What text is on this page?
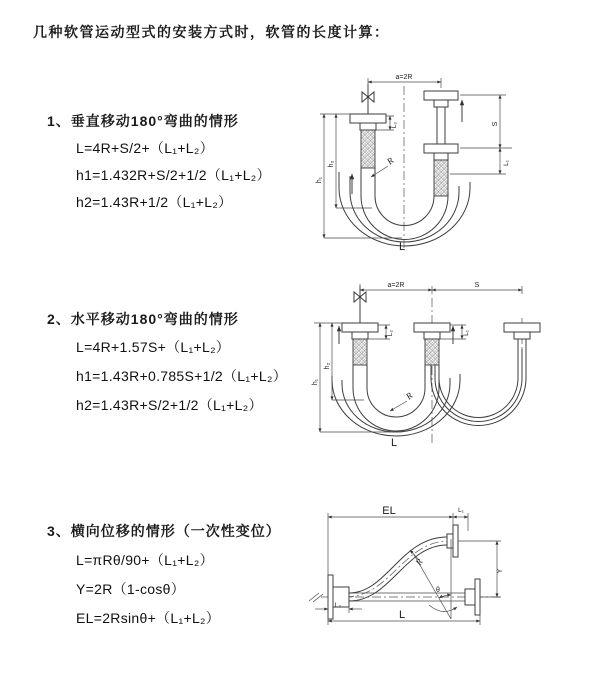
几种软管运动型式的安装方式时，软管的长度计算：
1、垂直移动180°弯曲的情形
L=4R+S/2+（L₁+L₂）
h1=1.432R+S/2+1/2（L₁+L₂）
h2=1.43R+1/2（L₁+L₂）
2、水平移动180°弯曲的情形
L=4R+1.57S+（L₁+L₂）
h1=1.43R+0.785S+1/2（L₁+L₂）
h2=1.43R+S/2+1/2（L₁+L₂）
3、横向位移的情形（一次性变位）
L=πRθ/90+（L₁+L₂）
Y=2R（1-cosθ）
EL=2Rsinθ+（L₁+L₂）
a=2R
S
L₁
L₂
h₁
h₂	R
L
a=2R	S
L₂	L₁
h₁
h₂
R
L
θ
EL	L₁
Y
L
L₂
R
